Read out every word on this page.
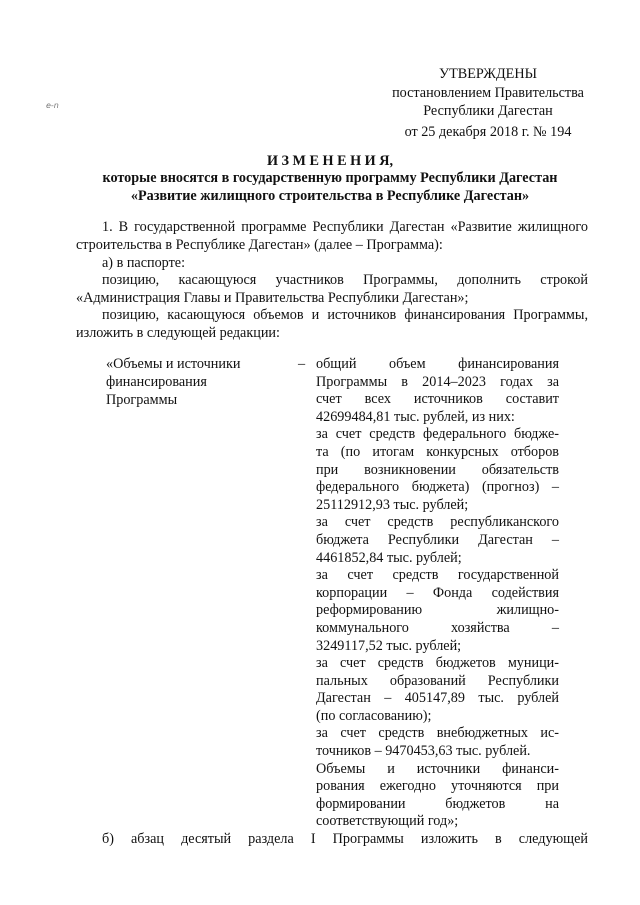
e-n
УТВЕРЖДЕНЫ
постановлением Правительства
Республики Дагестан
от 25 декабря 2018 г. № 194
И З М Е Н Е Н И Я,
которые вносятся в государственную программу Республики Дагестан
«Развитие жилищного строительства в Республике Дагестан»
1. В государственной программе Республики Дагестан «Развитие жилищного строительства в Республике Дагестан» (далее – Программа):
а) в паспорте:
позицию, касающуюся участников Программы, дополнить строкой «Администрация Главы и Правительства Республики Дагестан»;
позицию, касающуюся объемов и источников финансирования Программы, изложить в следующей редакции:
«Объемы и источники
финансирования
Программы
– общий объем финансирования
Программы в 2014–2023 годах за
счет всех источников составит
42699484,81 тыс. рублей, из них:
за счет средств федерального бюдже-
та (по итогам конкурсных отборов
при возникновении обязательств
федерального бюджета) (прогноз) –
25112912,93 тыс. рублей;
за счет средств республиканского
бюджета Республики Дагестан –
4461852,84 тыс. рублей;
за счет средств государственной
корпорации – Фонда содействия
реформированию жилищно-
коммунального хозяйства –
3249117,52 тыс. рублей;
за счет средств бюджетов муници-
пальных образований Республики
Дагестан – 405147,89 тыс. рублей
(по согласованию);
за счет средств внебюджетных ис-
точников – 9470453,63 тыс. рублей.
Объемы и источники финанси-
рования ежегодно уточняются при
формировании бюджетов на
соответствующий год»;
б) абзац десятый раздела I Программы изложить в следующей
